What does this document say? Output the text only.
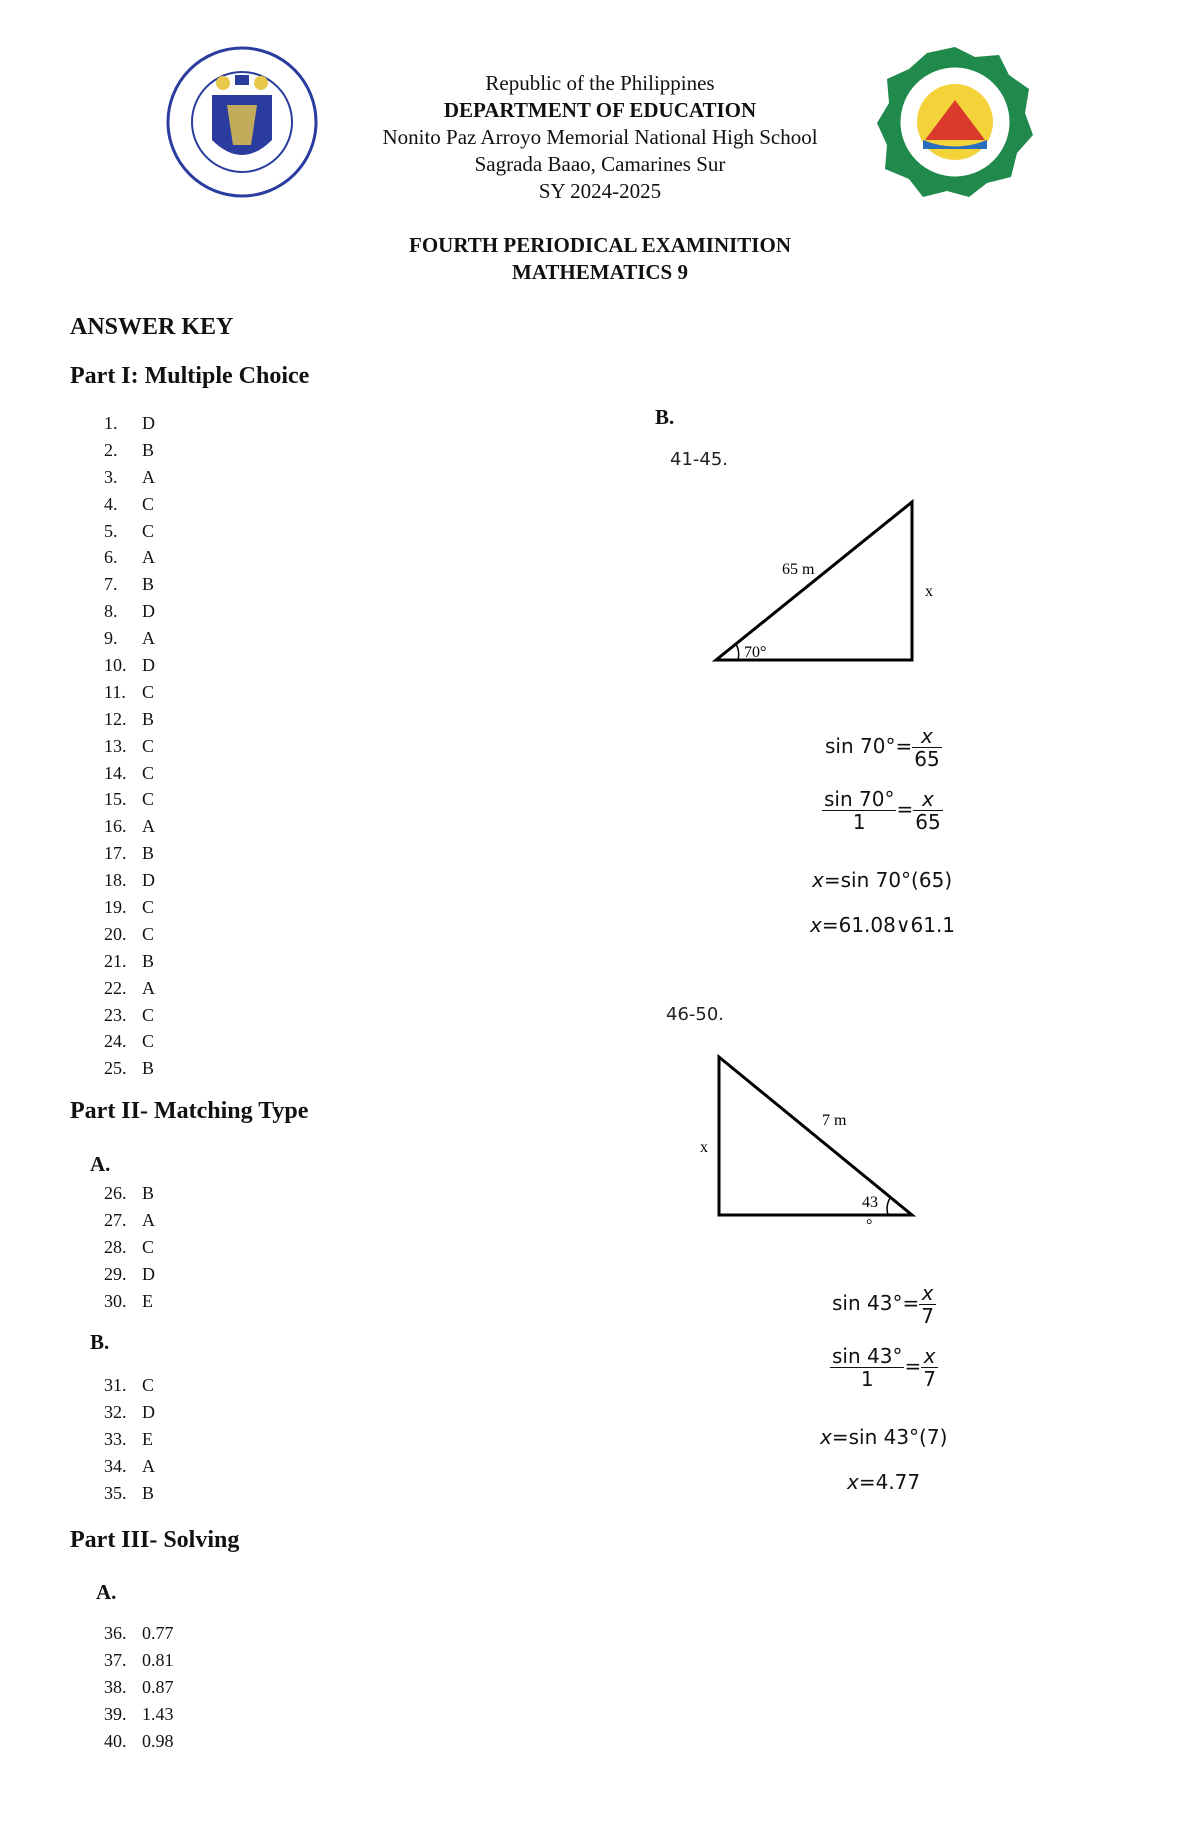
Republic of the Philippines
DEPARTMENT OF EDUCATION
Nonito Paz Arroyo Memorial National High School
Sagrada Baao, Camarines Sur
SY 2024-2025
FOURTH PERIODICAL EXAMINITION
MATHEMATICS 9
ANSWER KEY
Part I: Multiple Choice
1. D
2. B
3. A
4. C
5. C
6. A
7. B
8. D
9. A
10. D
11. C
12. B
13. C
14. C
15. C
16. A
17. B
18. D
19. C
20. C
21. B
22. A
23. C
24. C
25. B
Part II- Matching Type
A.
26. B
27. A
28. C
29. D
30. E
B.
31. C
32. D
33. E
34. A
35. B
Part III- Solving
A.
36. 0.77
37. 0.81
38. 0.87
39. 1.43
40. 0.98
B.
41-45.
65 m
x
70°
$\sin 70^\circ= \frac{x}{65}$
$\frac{\sin 70^\circ}{1} = \frac{x}{65}$
x=sin 70°(65)
x=61.08∨61.1
46-50.
7 m
x
43
°
$\sin 43^\circ= \frac{x}{7}$
$\frac{\sin 43^\circ}{1} = \frac{x}{7}$
x=sin 43°(7)
x=4.77
